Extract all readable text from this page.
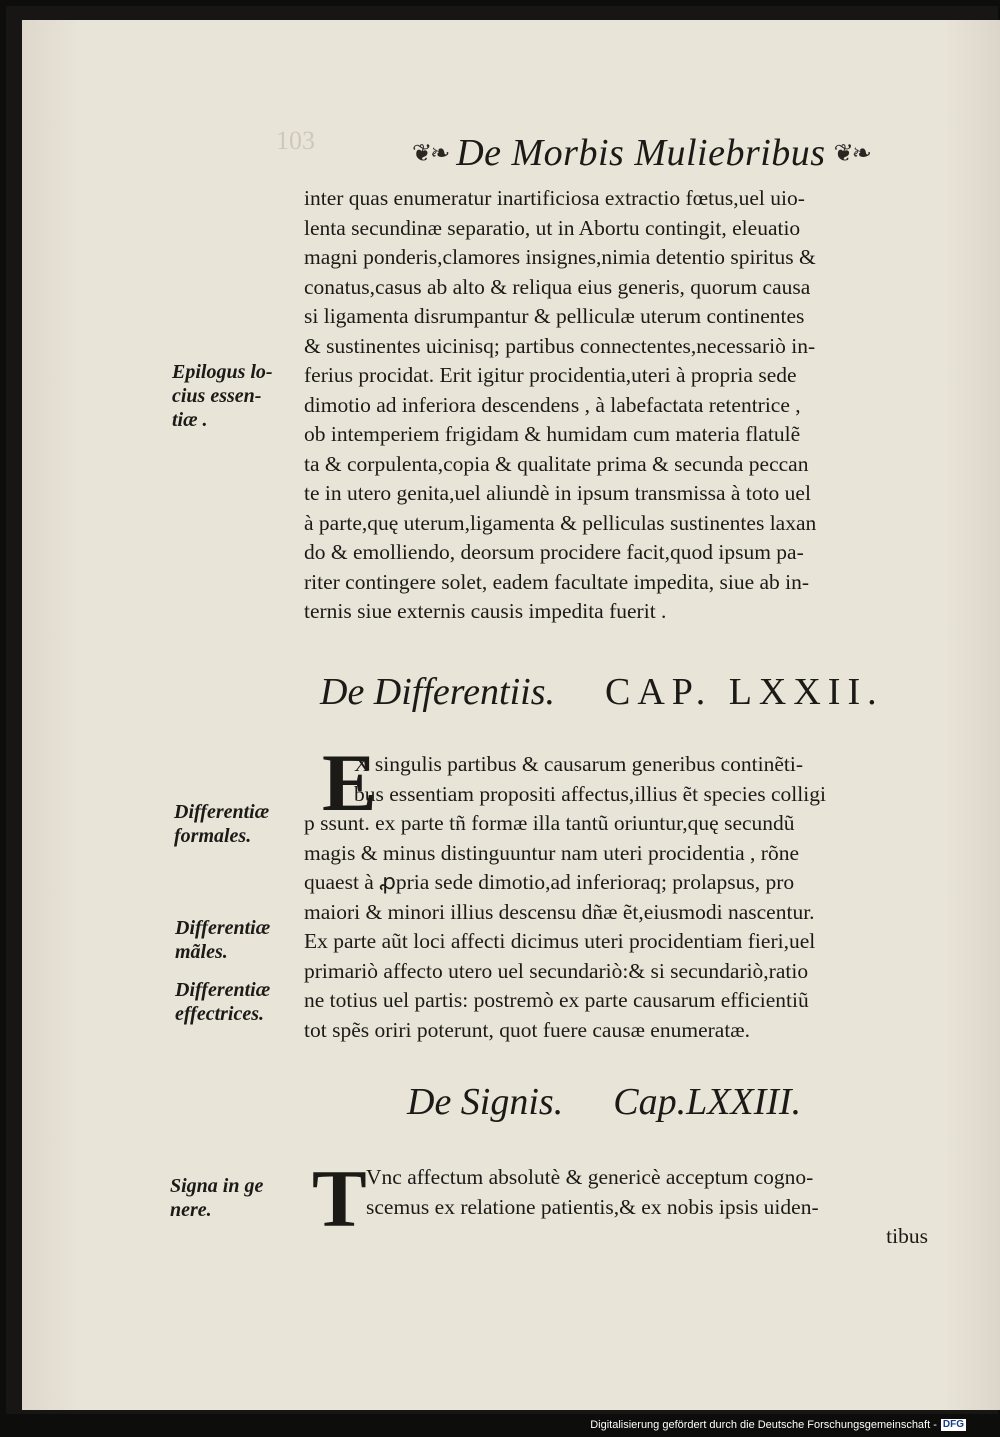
103	❦❧ De Morbis Muliebribus ❦❧
inter quas enumeratur inartificiosa extractio fœtus,uel uio-
lenta secundinæ separatio, ut in Abortu contingit, eleuatio
magni ponderis,clamores insignes,nimia detentio spiritus &
conatus,casus ab alto & reliqua eius generis, quorum causa
si ligamenta disrumpantur & pelliculæ uterum continentes
& sustinentes uicinisq; partibus connectentes,necessariò in-
ferius procidat. Erit igitur procidentia,uteri à propria sede
dimotio ad inferiora descendens , à labefactata retentrice ,
ob intemperiem frigidam & humidam cum materia flatulẽ
ta & corpulenta,copia & qualitate prima & secunda peccan
te in utero genita,uel aliundè in ipsum transmissa à toto uel
à parte,quę uterum,ligamenta & pelliculas sustinentes laxan
do & emolliendo, deorsum procidere facit,quod ipsum pa-
riter contingere solet, eadem facultate impedita, siue ab in-
ternis siue externis causis impedita fuerit .
De Differentiis. CAP. LXXII.
E
X singulis partibus & causarum generibus continẽti-
bus essentiam propositi affectus,illius ẽt species colligi
p ssunt. ex parte tñ formæ illa tantũ oriuntur,quę secundũ
magis & minus distinguuntur nam uteri procidentia , rõne
quaest à ꝓpria sede dimotio,ad inferioraq; prolapsus, pro
maiori & minori illius descensu dñæ ẽt,eiusmodi nascentur.
Ex parte aũt loci affecti dicimus uteri procidentiam fieri,uel
primariò affecto utero uel secundariò:& si secundariò,ratio
ne totius uel partis: postremò ex parte causarum efficientiũ
tot spẽs oriri poterunt, quot fuere causæ enumeratæ.
De Signis. Cap.LXXIII.
T Vnc affectum absolutè & genericè acceptum cogno-
scemus ex relatione patientis,& ex nobis ipsis uiden-
tibus
Epilogus lo-
cius essen-
tiæ .
Differentiæ
formales.
Differentiæ
mãles.
Differentiæ
effectrices.
Signa in ge
nere.
Digitalisierung gefördert durch die Deutsche Forschungsgemeinschaft - DFG
